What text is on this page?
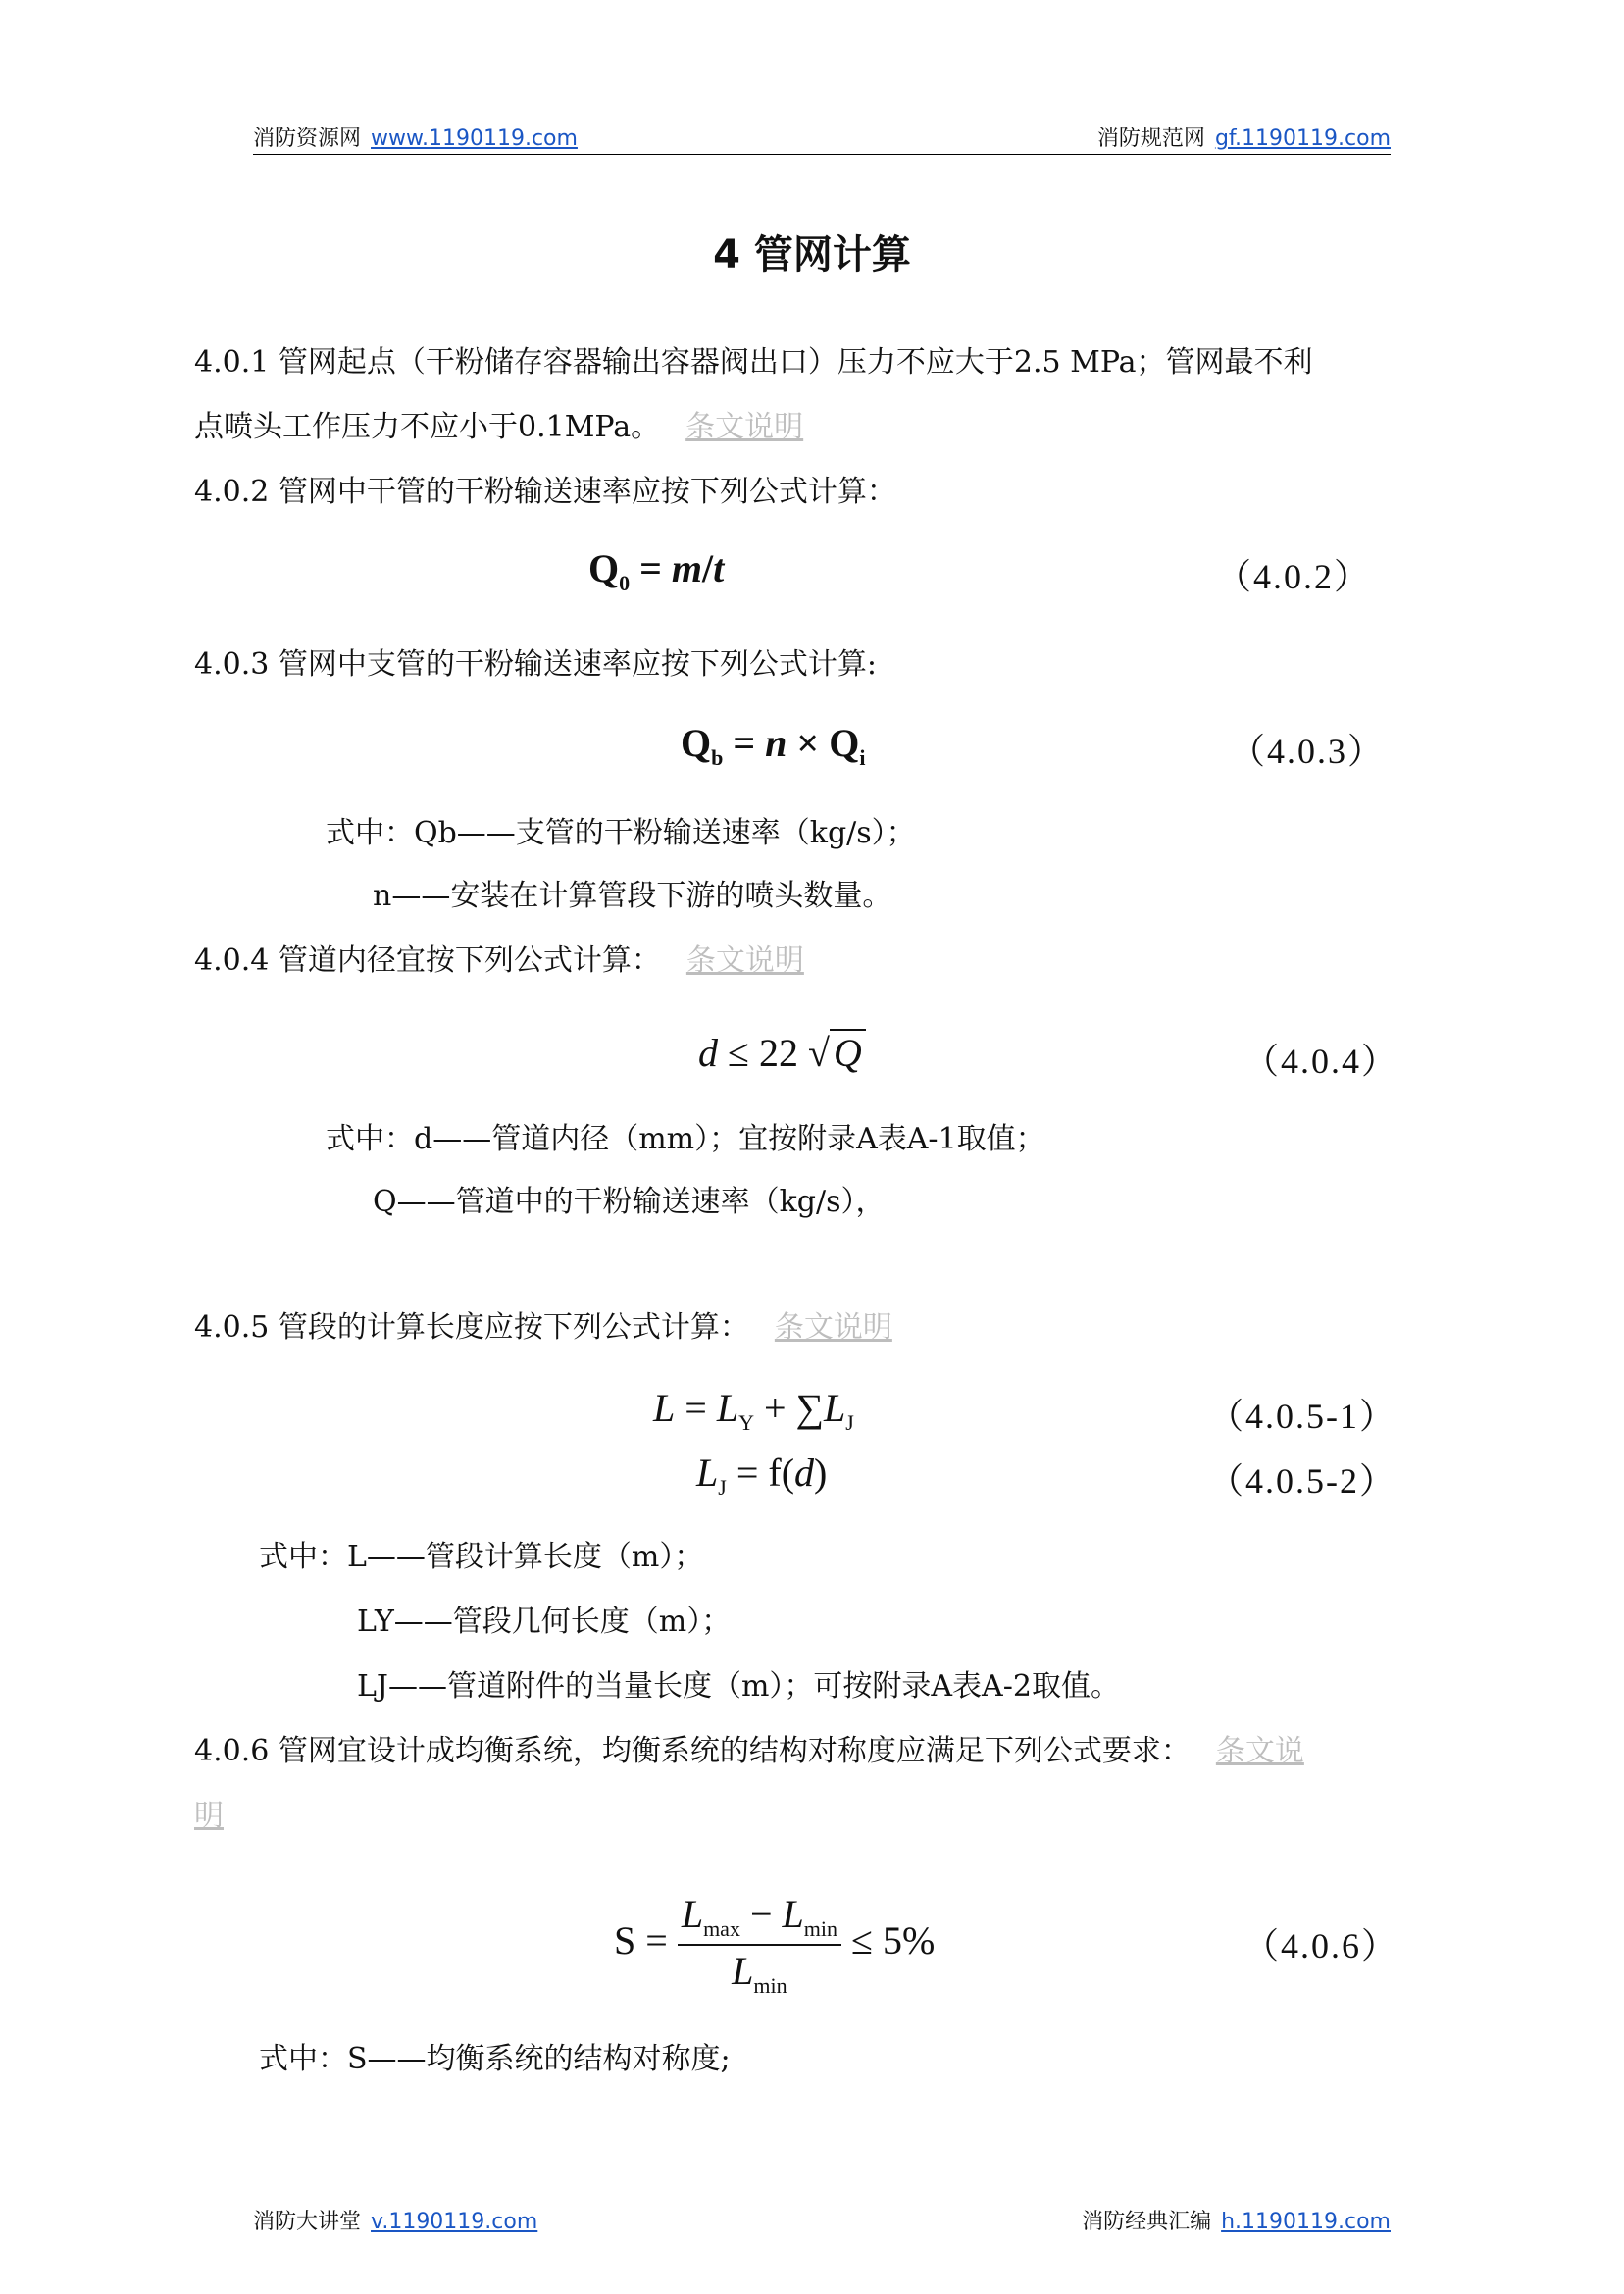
消防资源网 www.1190119.com	消防规范网 gf.1190119.com
4 管网计算
4.0.1 管网起点（干粉储存容器输出容器阀出口）压力不应大于2.5 MPa；管网最不利
点喷头工作压力不应小于0.1MPa。 条文说明
4.0.2 管网中干管的干粉输送速率应按下列公式计算：
$Q_0 = m/t$	（4.0.2）
4.0.3 管网中支管的干粉输送速率应按下列公式计算:
$Q_b = n \times Q_i$	（4.0.3）
式中：Qb——支管的干粉输送速率（kg/s）；
n——安装在计算管段下游的喷头数量。
4.0.4 管道内径宜按下列公式计算： 条文说明
d ≤ 22 √ Q	（4.0.4）
式中：d——管道内径（mm）；宜按附录A表A-1取值；
Q——管道中的干粉输送速率（kg/s），
4.0.5 管段的计算长度应按下列公式计算： 条文说明
$L = L_Y + \sum L_J$	（4.0.5-1）
$L_J = f(d)$	（4.0.5-2）
式中：L——管段计算长度（m）；
LY——管段几何长度（m）；
LJ——管道附件的当量长度（m）；可按附录A表A-2取值。
4.0.6 管网宜设计成均衡系统，均衡系统的结构对称度应满足下列公式要求： 条文说
明
$S = \frac{L_{max} - L_{min}}{L_{min}} \le 5\%$	（4.0.6）
式中：S——均衡系统的结构对称度;
消防大讲堂 v.1190119.com	消防经典汇编 h.1190119.com
